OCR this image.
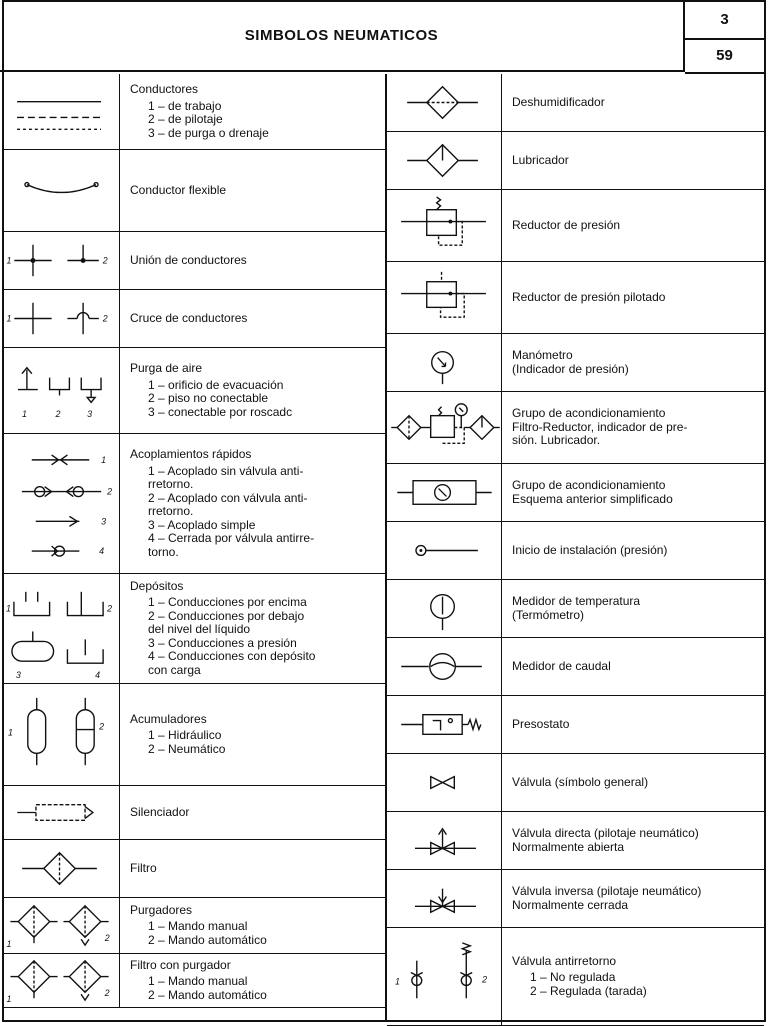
SIMBOLOS NEUMATICOS
3
59
Conductores
1 – de trabajo
2 – de pilotaje
3 – de purga o drenaje
Conductor flexible
1	2 Unión de conductores
1	2 Cruce de conductores
1	2	3
Purga de aire
1 – orificio de evacuación
2 – piso no conectable
3 – conectable por roscadc
1
2
3
4
Acoplamientos rápidos
1 – Acoplado sin válvula anti-
rretorno.
2 – Acoplado con válvula anti-
rretorno.
3 – Acoplado simple
4 – Cerrada por válvula antirre-
torno.
1	2
3	4
Depósitos
1 – Conducciones por encima
2 – Conducciones por debajo
del nivel del líquido
3 – Conducciones a presión
4 – Conducciones con depósito
con carga
1
2
Acumuladores
1 – Hidráulico
2 – Neumático
Silenciador
Filtro
1
2
Purgadores
1 – Mando manual
2 – Mando automático
1
2
Filtro con purgador
1 – Mando manual
2 – Mando automático
Deshumidificador
Lubricador
Reductor de presión
Reductor de presión pilotado
Manómetro
(Indicador de presión)
Grupo de acondicionamiento
Filtro-Reductor, indicador de pre-
sión. Lubricador.
Grupo de acondicionamiento
Esquema anterior simplificado
Inicio de instalación (presión)
Medidor de temperatura
(Termómetro)
Medidor de caudal
Presostato
Válvula (símbolo general)
Válvula directa (pilotaje neumático)
Normalmente abierta
Válvula inversa (pilotaje neumático)
Normalmente cerrada
1	2
Válvula antirretorno
1 – No regulada
2 – Regulada (tarada)
